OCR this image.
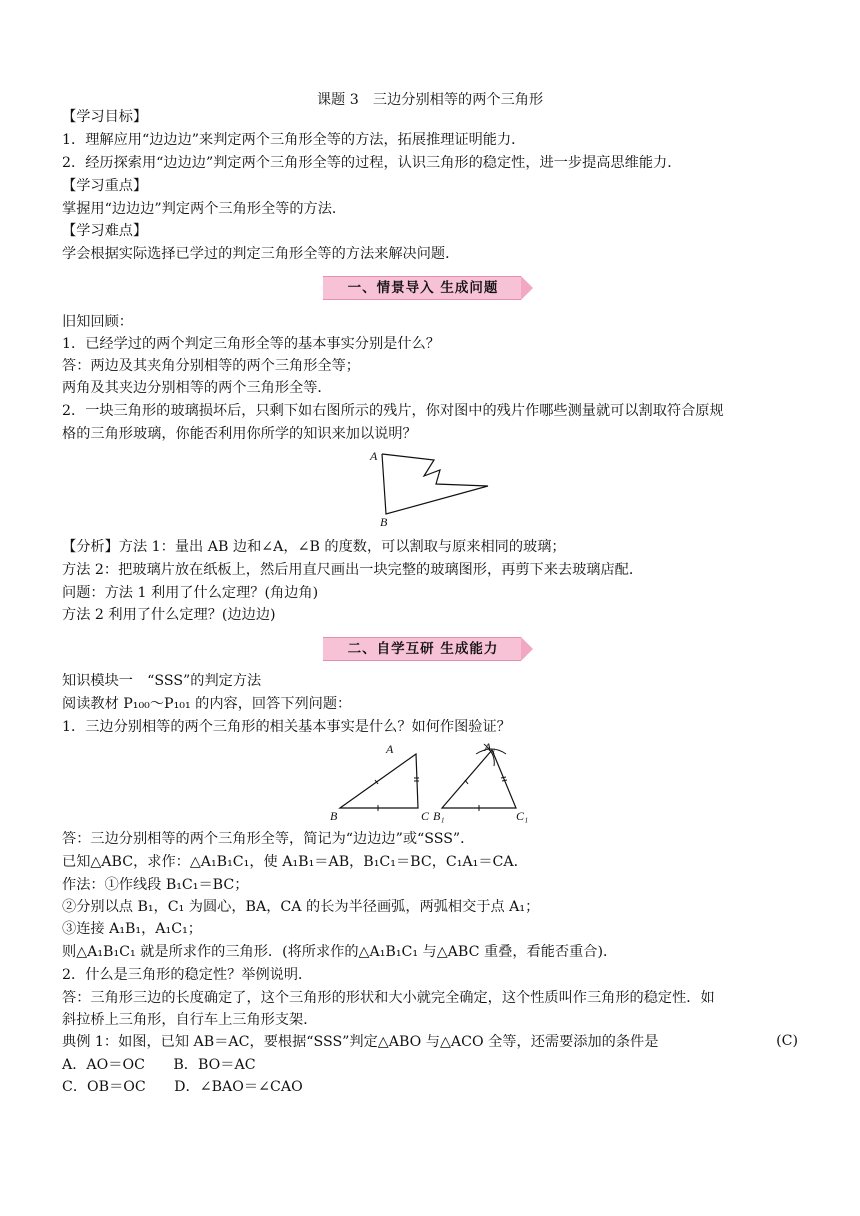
课题 3　三边分别相等的两个三角形
【学习目标】
1．理解应用“边边边”来判定两个三角形全等的方法，拓展推理证明能力．
2．经历探索用“边边边”判定两个三角形全等的过程，认识三角形的稳定性，进一步提高思维能力．
【学习重点】
掌握用“边边边”判定两个三角形全等的方法．
【学习难点】
学会根据实际选择已学过的判定三角形全等的方法来解决问题．
一、情景导入 生成问题
旧知回顾：
1．已经学过的两个判定三角形全等的基本事实分别是什么？
答：两边及其夹角分别相等的两个三角形全等；
两角及其夹边分别相等的两个三角形全等．
2．一块三角形的玻璃损坏后，只剩下如右图所示的残片，你对图中的残片作哪些测量就可以割取符合原规
格的三角形玻璃，你能否利用你所学的知识来加以说明？
A
B
【分析】方法 1：量出 AB 边和∠A，∠B 的度数，可以割取与原来相同的玻璃；
方法 2：把玻璃片放在纸板上，然后用直尺画出一块完整的玻璃图形，再剪下来去玻璃店配．
问题：方法 1 利用了什么定理？(角边角)
方法 2 利用了什么定理？(边边边)
二、自学互研 生成能力
知识模块一　“SSS”的判定方法
阅读教材 P₁₀₀～P₁₀₁ 的内容，回答下列问题：
1．三边分别相等的两个三角形的相关基本事实是什么？如何作图验证？
A
B	C
A₁
B₁	C₁
答：三边分别相等的两个三角形全等，简记为“边边边”或“SSS”．
已知△ABC，求作：△A₁B₁C₁，使 A₁B₁＝AB，B₁C₁＝BC，C₁A₁＝CA．
作法：①作线段 B₁C₁＝BC；
②分别以点 B₁，C₁ 为圆心，BA，CA 的长为半径画弧，两弧相交于点 A₁；
③连接 A₁B₁，A₁C₁；
则△A₁B₁C₁ 就是所求作的三角形．(将所求作的△A₁B₁C₁ 与△ABC 重叠，看能否重合)．
2．什么是三角形的稳定性？举例说明．
答：三角形三边的长度确定了，这个三角形的形状和大小就完全确定，这个性质叫作三角形的稳定性．如
斜拉桥上三角形，自行车上三角形支架．
典例 1：如图，已知 AB＝AC，要根据“SSS”判定△ABO 与△ACO 全等，还需要添加的条件是	(C)
A．AO＝OC　　B．BO＝AC
C．OB＝OC　　D．∠BAO＝∠CAO
